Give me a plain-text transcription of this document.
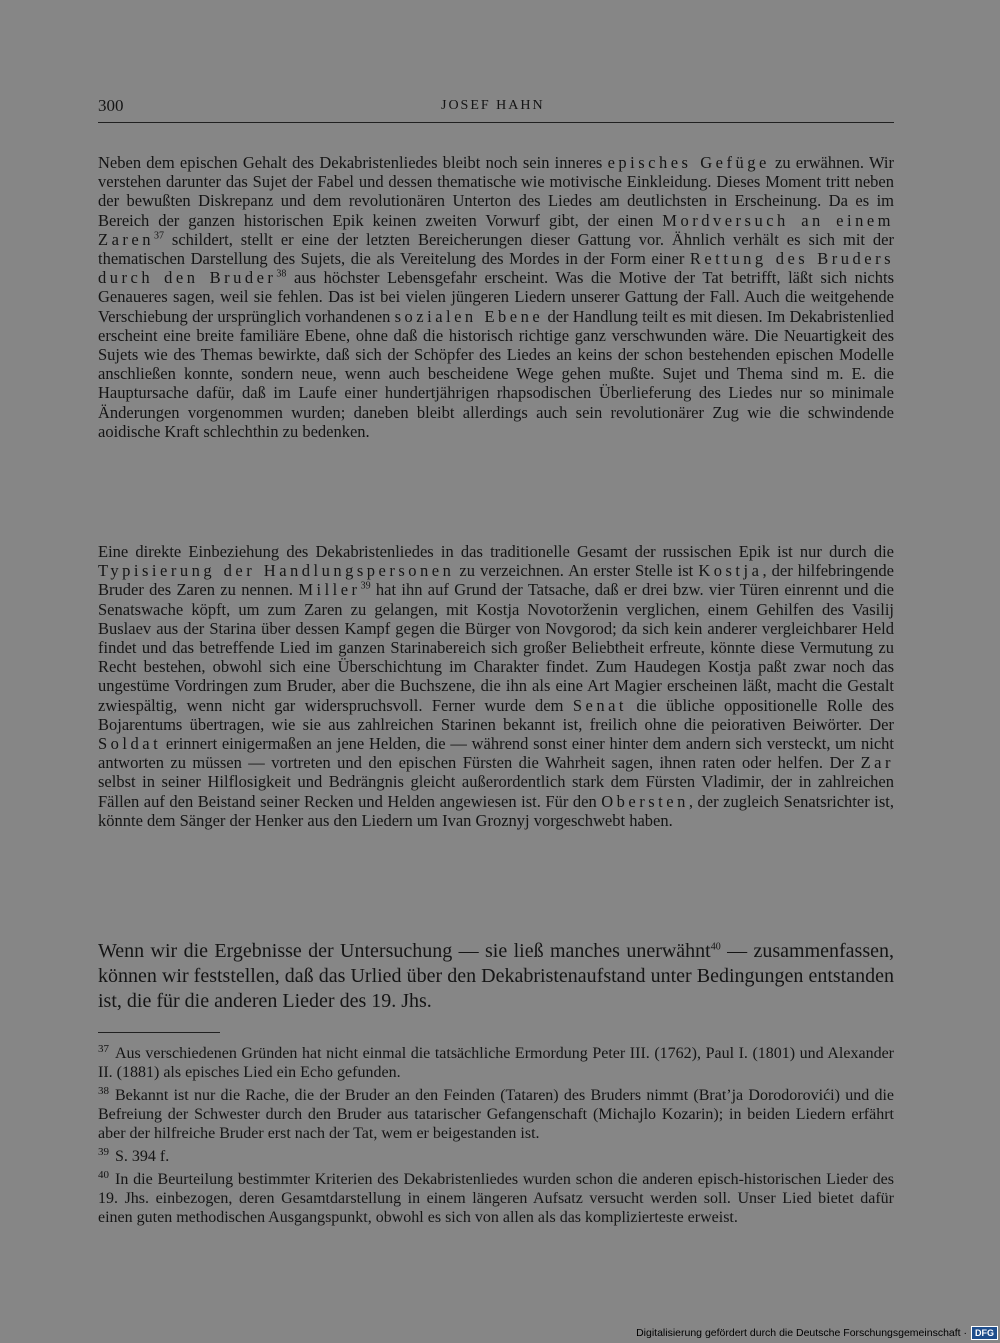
300	JOSEF HAHN

Neben dem epischen Gehalt des Dekabristenliedes bleibt noch sein inneres episches Gefüge zu erwähnen. Wir verstehen darunter das Sujet der Fabel und dessen thematische wie motivische Einkleidung. Dieses Moment tritt neben der bewußten Diskrepanz und dem revolutionären Unterton des Liedes am deutlichsten in Erscheinung. Da es im Bereich der ganzen historischen Epik keinen zweiten Vorwurf gibt, der einen Mordversuch an einem Zaren$^{37}$ schildert, stellt er eine der letzten Bereicherungen dieser Gattung vor. Ähnlich verhält es sich mit der thematischen Darstellung des Sujets, die als Vereitelung des Mordes in der Form einer Rettung des Bruders durch den Bruder$^{38}$ aus höchster Lebensgefahr erscheint. Was die Motive der Tat betrifft, läßt sich nichts Genaueres sagen, weil sie fehlen. Das ist bei vielen jüngeren Liedern unserer Gattung der Fall. Auch die weitgehende Verschiebung der ursprünglich vorhandenen sozialen Ebene der Handlung teilt es mit diesen. Im Dekabristenlied erscheint eine breite familiäre Ebene, ohne daß die historisch richtige ganz verschwunden wäre. Die Neuartigkeit des Sujets wie des Themas bewirkte, daß sich der Schöpfer des Liedes an keins der schon bestehenden epischen Modelle anschließen konnte, sondern neue, wenn auch bescheidene Wege gehen mußte. Sujet und Thema sind m. E. die Hauptursache dafür, daß im Laufe einer hundertjährigen rhapsodischen Überlieferung des Liedes nur so minimale Änderungen vorgenommen wurden; daneben bleibt allerdings auch sein revolutionärer Zug wie die schwindende aoidische Kraft schlechthin zu bedenken.

Eine direkte Einbeziehung des Dekabristenliedes in das traditionelle Gesamt der russischen Epik ist nur durch die Typisierung der Handlungspersonen zu verzeichnen. An erster Stelle ist Kostja, der hilfebringende Bruder des Zaren zu nennen. Miller$^{39}$ hat ihn auf Grund der Tatsache, daß er drei bzw. vier Türen einrennt und die Senatswache köpft, um zum Zaren zu gelangen, mit Kostja Novotorženin verglichen, einem Gehilfen des Vasilij Buslaev aus der Starina über dessen Kampf gegen die Bürger von Novgorod; da sich kein anderer vergleichbarer Held findet und das betreffende Lied im ganzen Starinabereich sich großer Beliebtheit erfreute, könnte diese Vermutung zu Recht bestehen, obwohl sich eine Überschichtung im Charakter findet. Zum Haudegen Kostja paßt zwar noch das ungestüme Vordringen zum Bruder, aber die Buchszene, die ihn als eine Art Magier erscheinen läßt, macht die Gestalt zwiespältig, wenn nicht gar widerspruchsvoll. Ferner wurde dem Senat die übliche oppositionelle Rolle des Bojarentums übertragen, wie sie aus zahlreichen Starinen bekannt ist, freilich ohne die peiorativen Beiwörter. Der Soldat erinnert einigermaßen an jene Helden, die — während sonst einer hinter dem andern sich versteckt, um nicht antworten zu müssen — vortreten und den epischen Fürsten die Wahrheit sagen, ihnen raten oder helfen. Der Zar selbst in seiner Hilflosigkeit und Bedrängnis gleicht außerordentlich stark dem Fürsten Vladimir, der in zahlreichen Fällen auf den Beistand seiner Recken und Helden angewiesen ist. Für den Obersten, der zugleich Senatsrichter ist, könnte dem Sänger der Henker aus den Liedern um Ivan Groznyj vorgeschwebt haben.

Wenn wir die Ergebnisse der Untersuchung — sie ließ manches unerwähnt$^{40}$ — zusammenfassen, können wir feststellen, daß das Urlied über den Dekabristenaufstand unter Bedingungen entstanden ist, die für die anderen Lieder des 19. Jhs.

$^{37}$ Aus verschiedenen Gründen hat nicht einmal die tatsächliche Ermordung Peter III. (1762), Paul I. (1801) und Alexander II. (1881) als episches Lied ein Echo gefunden.

$^{38}$ Bekannt ist nur die Rache, die der Bruder an den Feinden (Tataren) des Bruders nimmt (Brat’ja Dorodorovići) und die Befreiung der Schwester durch den Bruder aus tatarischer Gefangenschaft (Michajlo Kozarin); in beiden Liedern erfährt aber der hilfreiche Bruder erst nach der Tat, wem er beigestanden ist.

$^{39}$ S. 394 f.

$^{40}$ In die Beurteilung bestimmter Kriterien des Dekabristenliedes wurden schon die anderen episch-historischen Lieder des 19. Jhs. einbezogen, deren Gesamtdarstellung in einem längeren Aufsatz versucht werden soll. Unser Lied bietet dafür einen guten methodischen Ausgangspunkt, obwohl es sich von allen als das komplizierteste erweist.

Digitalisierung gefördert durch die Deutsche Forschungsgemeinschaft · DFG
